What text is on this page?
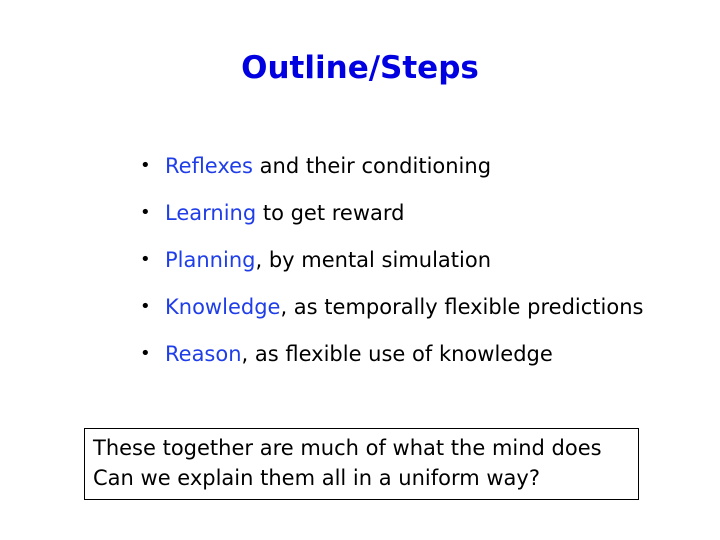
Outline/Steps
• Reflexes and their conditioning
• Learning to get reward
• Planning, by mental simulation
• Knowledge, as temporally flexible predictions
• Reason, as flexible use of knowledge
These together are much of what the mind does
Can we explain them all in a uniform way?
